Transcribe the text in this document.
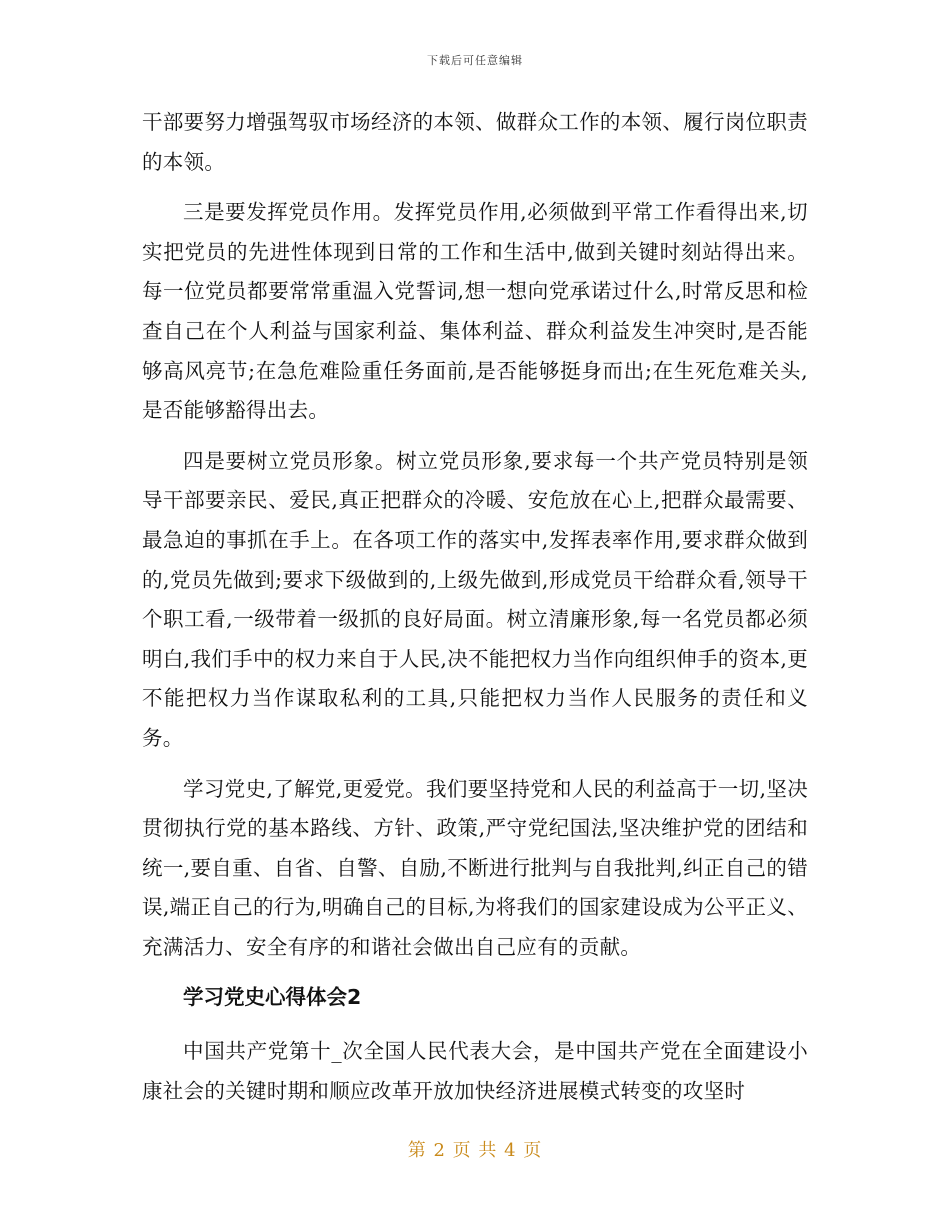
下载后可任意编辑

干部要努力增强驾驭市场经济的本领、做群众工作的本领、履行岗位职责的本领。

三是要发挥党员作用。发挥党员作用,必须做到平常工作看得出来,切实把党员的先进性体现到日常的工作和生活中,做到关键时刻站得出来。每一位党员都要常常重温入党誓词,想一想向党承诺过什么,时常反思和检查自己在个人利益与国家利益、集体利益、群众利益发生冲突时,是否能够高风亮节;在急危难险重任务面前,是否能够挺身而出;在生死危难关头,是否能够豁得出去。

四是要树立党员形象。树立党员形象,要求每一个共产党员特别是领导干部要亲民、爱民,真正把群众的冷暖、安危放在心上,把群众最需要、最急迫的事抓在手上。在各项工作的落实中,发挥表率作用,要求群众做到的,党员先做到;要求下级做到的,上级先做到,形成党员干给群众看,领导干个职工看,一级带着一级抓的良好局面。树立清廉形象,每一名党员都必须明白,我们手中的权力来自于人民,决不能把权力当作向组织伸手的资本,更不能把权力当作谋取私利的工具,只能把权力当作人民服务的责任和义务。

学习党史,了解党,更爱党。我们要坚持党和人民的利益高于一切,坚决贯彻执行党的基本路线、方针、政策,严守党纪国法,坚决维护党的团结和统一,要自重、自省、自警、自励,不断进行批判与自我批判,纠正自己的错误,端正自己的行为,明确自己的目标,为将我们的国家建设成为公平正义、充满活力、安全有序的和谐社会做出自己应有的贡献。

学习党史心得体会2

中国共产党第十_次全国人民代表大会，是中国共产党在全面建设小康社会的关键时期和顺应改革开放加快经济进展模式转变的攻坚时

第 2 页 共 4 页
